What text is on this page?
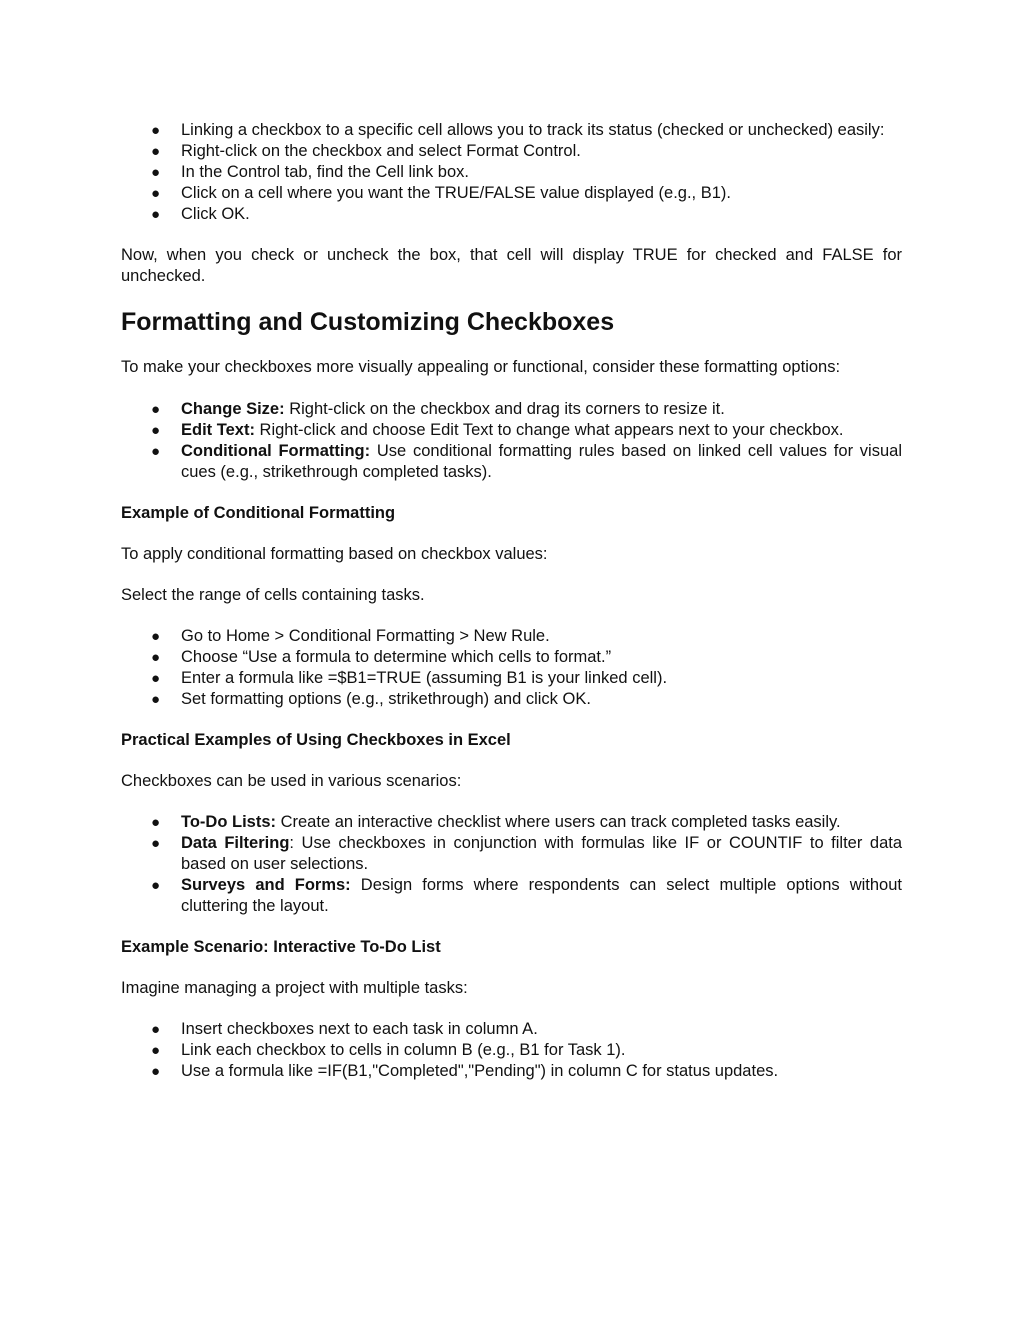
● Linking a checkbox to a specific cell allows you to track its status (checked or unchecked) easily:
● Right-click on the checkbox and select Format Control.
● In the Control tab, find the Cell link box.
● Click on a cell where you want the TRUE/FALSE value displayed (e.g., B1).
● Click OK.

Now, when you check or uncheck the box, that cell will display TRUE for checked and FALSE for unchecked.

Formatting and Customizing Checkboxes

To make your checkboxes more visually appealing or functional, consider these formatting options:

● Change Size: Right-click on the checkbox and drag its corners to resize it.
● Edit Text: Right-click and choose Edit Text to change what appears next to your checkbox.
● Conditional Formatting: Use conditional formatting rules based on linked cell values for visual cues (e.g., strikethrough completed tasks).
Example of Conditional Formatting

To apply conditional formatting based on checkbox values:

Select the range of cells containing tasks.

● Go to Home > Conditional Formatting > New Rule.
● Choose “Use a formula to determine which cells to format.”
● Enter a formula like =$B1=TRUE (assuming B1 is your linked cell).
● Set formatting options (e.g., strikethrough) and click OK.
Practical Examples of Using Checkboxes in Excel

Checkboxes can be used in various scenarios:

● To-Do Lists: Create an interactive checklist where users can track completed tasks easily.
● Data Filtering: Use checkboxes in conjunction with formulas like IF or COUNTIF to filter data based on user selections.
● Surveys and Forms: Design forms where respondents can select multiple options without cluttering the layout.
Example Scenario: Interactive To-Do List

Imagine managing a project with multiple tasks:

● Insert checkboxes next to each task in column A.
● Link each checkbox to cells in column B (e.g., B1 for Task 1).
● Use a formula like =IF(B1,"Completed","Pending") in column C for status updates.
